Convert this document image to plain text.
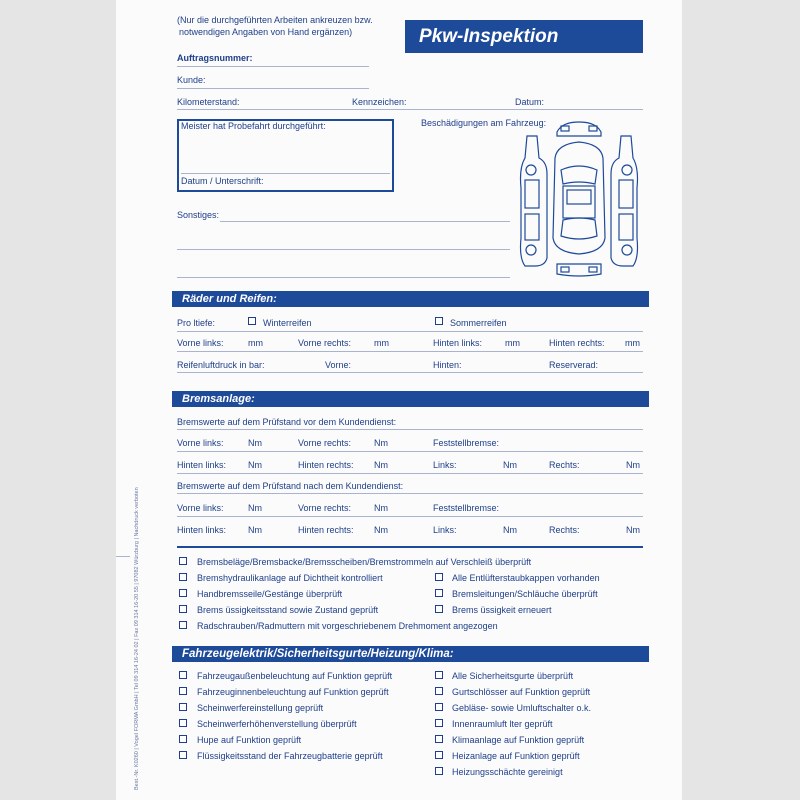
Best.-Nr. K0260 | Vogel FORMA GmbH | Tel 09 314 16-24 02 | Fax 09 314 16-20 55 | 97082 Würzburg | Nachdruck verboten
(Nur die durchgeführten Arbeiten ankreuzen bzw.
notwendigen Angaben von Hand ergänzen)	Pkw-Inspektion
Auftragsnummer:
Kunde:
Kilometerstand:	Kennzeichen:	Datum:
Meister hat Probefahrt durchgeführt:
Datum / Unterschrift:
Beschädigungen am Fahrzeug:
Sonstiges:
Räder und Reifen:
Pro ltiefe:	Winterreifen	Sommerreifen
Vorne links:	mm	Vorne rechts:	mm	Hinten links:	mm	Hinten rechts: mm
Reifenluftdruck in bar:	Vorne:	Hinten:	Reserverad:
Bremsanlage:
Bremswerte auf dem Prüfstand vor dem Kundendienst:
Vorne links:	Nm	Vorne rechts:	Nm	Feststellbremse:
Hinten links: Nm	Hinten rechts: Nm	Links:	Nm	Rechts:	Nm
Bremswerte auf dem Prüfstand nach dem Kundendienst:
Vorne links:	Nm	Vorne rechts:	Nm	Feststellbremse:
Hinten links: Nm	Hinten rechts: Nm	Links:	Nm	Rechts:	Nm
Bremsbeläge/Bremsbacke/Bremsscheiben/Bremstrommeln auf Verschleiß überprüft
Bremshydraulikanlage auf Dichtheit kontrolliert
Handbremsseile/Gestänge überprüft
Brems üssigkeitsstand sowie Zustand geprüft
Radschrauben/Radmuttern mit vorgeschriebenem Drehmoment angezogen
Alle Entlüfterstaubkappen vorhanden
Bremsleitungen/Schläuche überprüft
Brems üssigkeit erneuert
Fahrzeugelektrik/Sicherheitsgurte/Heizung/Klima:
Fahrzeugaußenbeleuchtung auf Funktion geprüft
Fahrzeuginnenbeleuchtung auf Funktion geprüft
Scheinwerfereinstellung geprüft
Scheinwerferhöhenverstellung überprüft
Hupe auf Funktion geprüft
Flüssigkeitsstand der Fahrzeugbatterie geprüft
Alle Sicherheitsgurte überprüft
Gurtschlösser auf Funktion geprüft
Gebläse- sowie Umluftschalter o.k.
Innenraumluft lter geprüft
Klimaanlage auf Funktion geprüft
Heizanlage auf Funktion geprüft
Heizungsschächte gereinigt
